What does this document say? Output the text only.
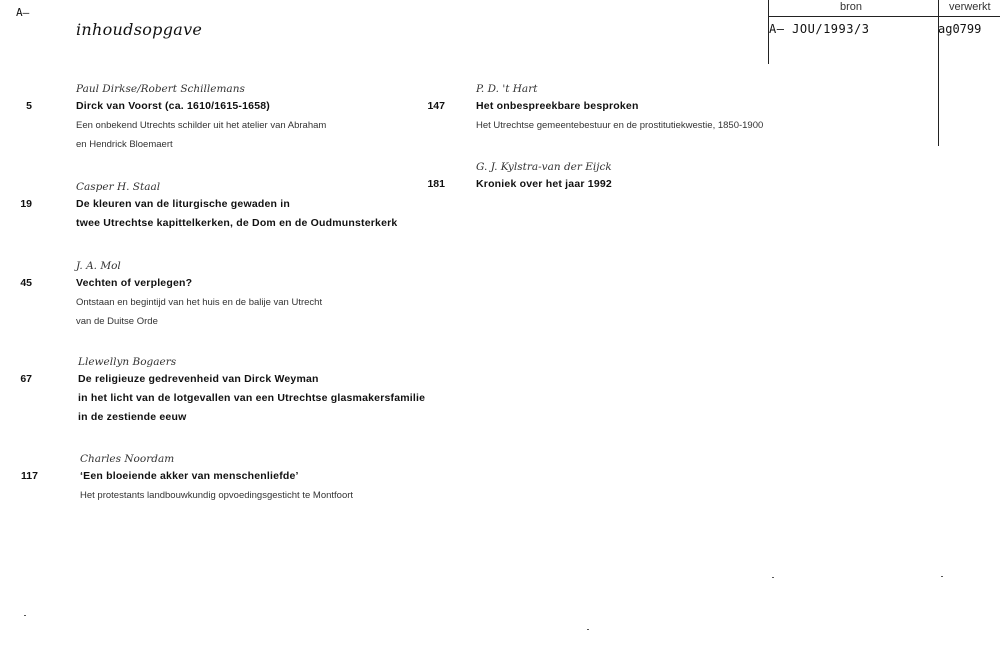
A—
inhoudsopgave
bron	verwerkt
A— JOU/1993/3	ag0799
Paul Dirkse/Robert Schillemans
5	Dirck van Voorst (ca. 1610/1615-1658)
Een onbekend Utrechts schilder uit het atelier van Abraham
en Hendrick Bloemaert
Casper H. Staal
19	De kleuren van de liturgische gewaden in
twee Utrechtse kapittelkerken, de Dom en de Oudmunsterkerk
J. A. Mol
45	Vechten of verplegen?
Ontstaan en begintijd van het huis en de balije van Utrecht
van de Duitse Orde
Llewellyn Bogaers
67	De religieuze gedrevenheid van Dirck Weyman
in het licht van de lotgevallen van een Utrechtse glasmakersfamilie
in de zestiende eeuw
Charles Noordam
117	‘Een bloeiende akker van menschenliefde’
Het protestants landbouwkundig opvoedingsgesticht te Montfoort
P. D. 't Hart
147	Het onbespreekbare besproken
Het Utrechtse gemeentebestuur en de prostitutiekwestie, 1850-1900
G. J. Kylstra-van der Eijck
181	Kroniek over het jaar 1992
